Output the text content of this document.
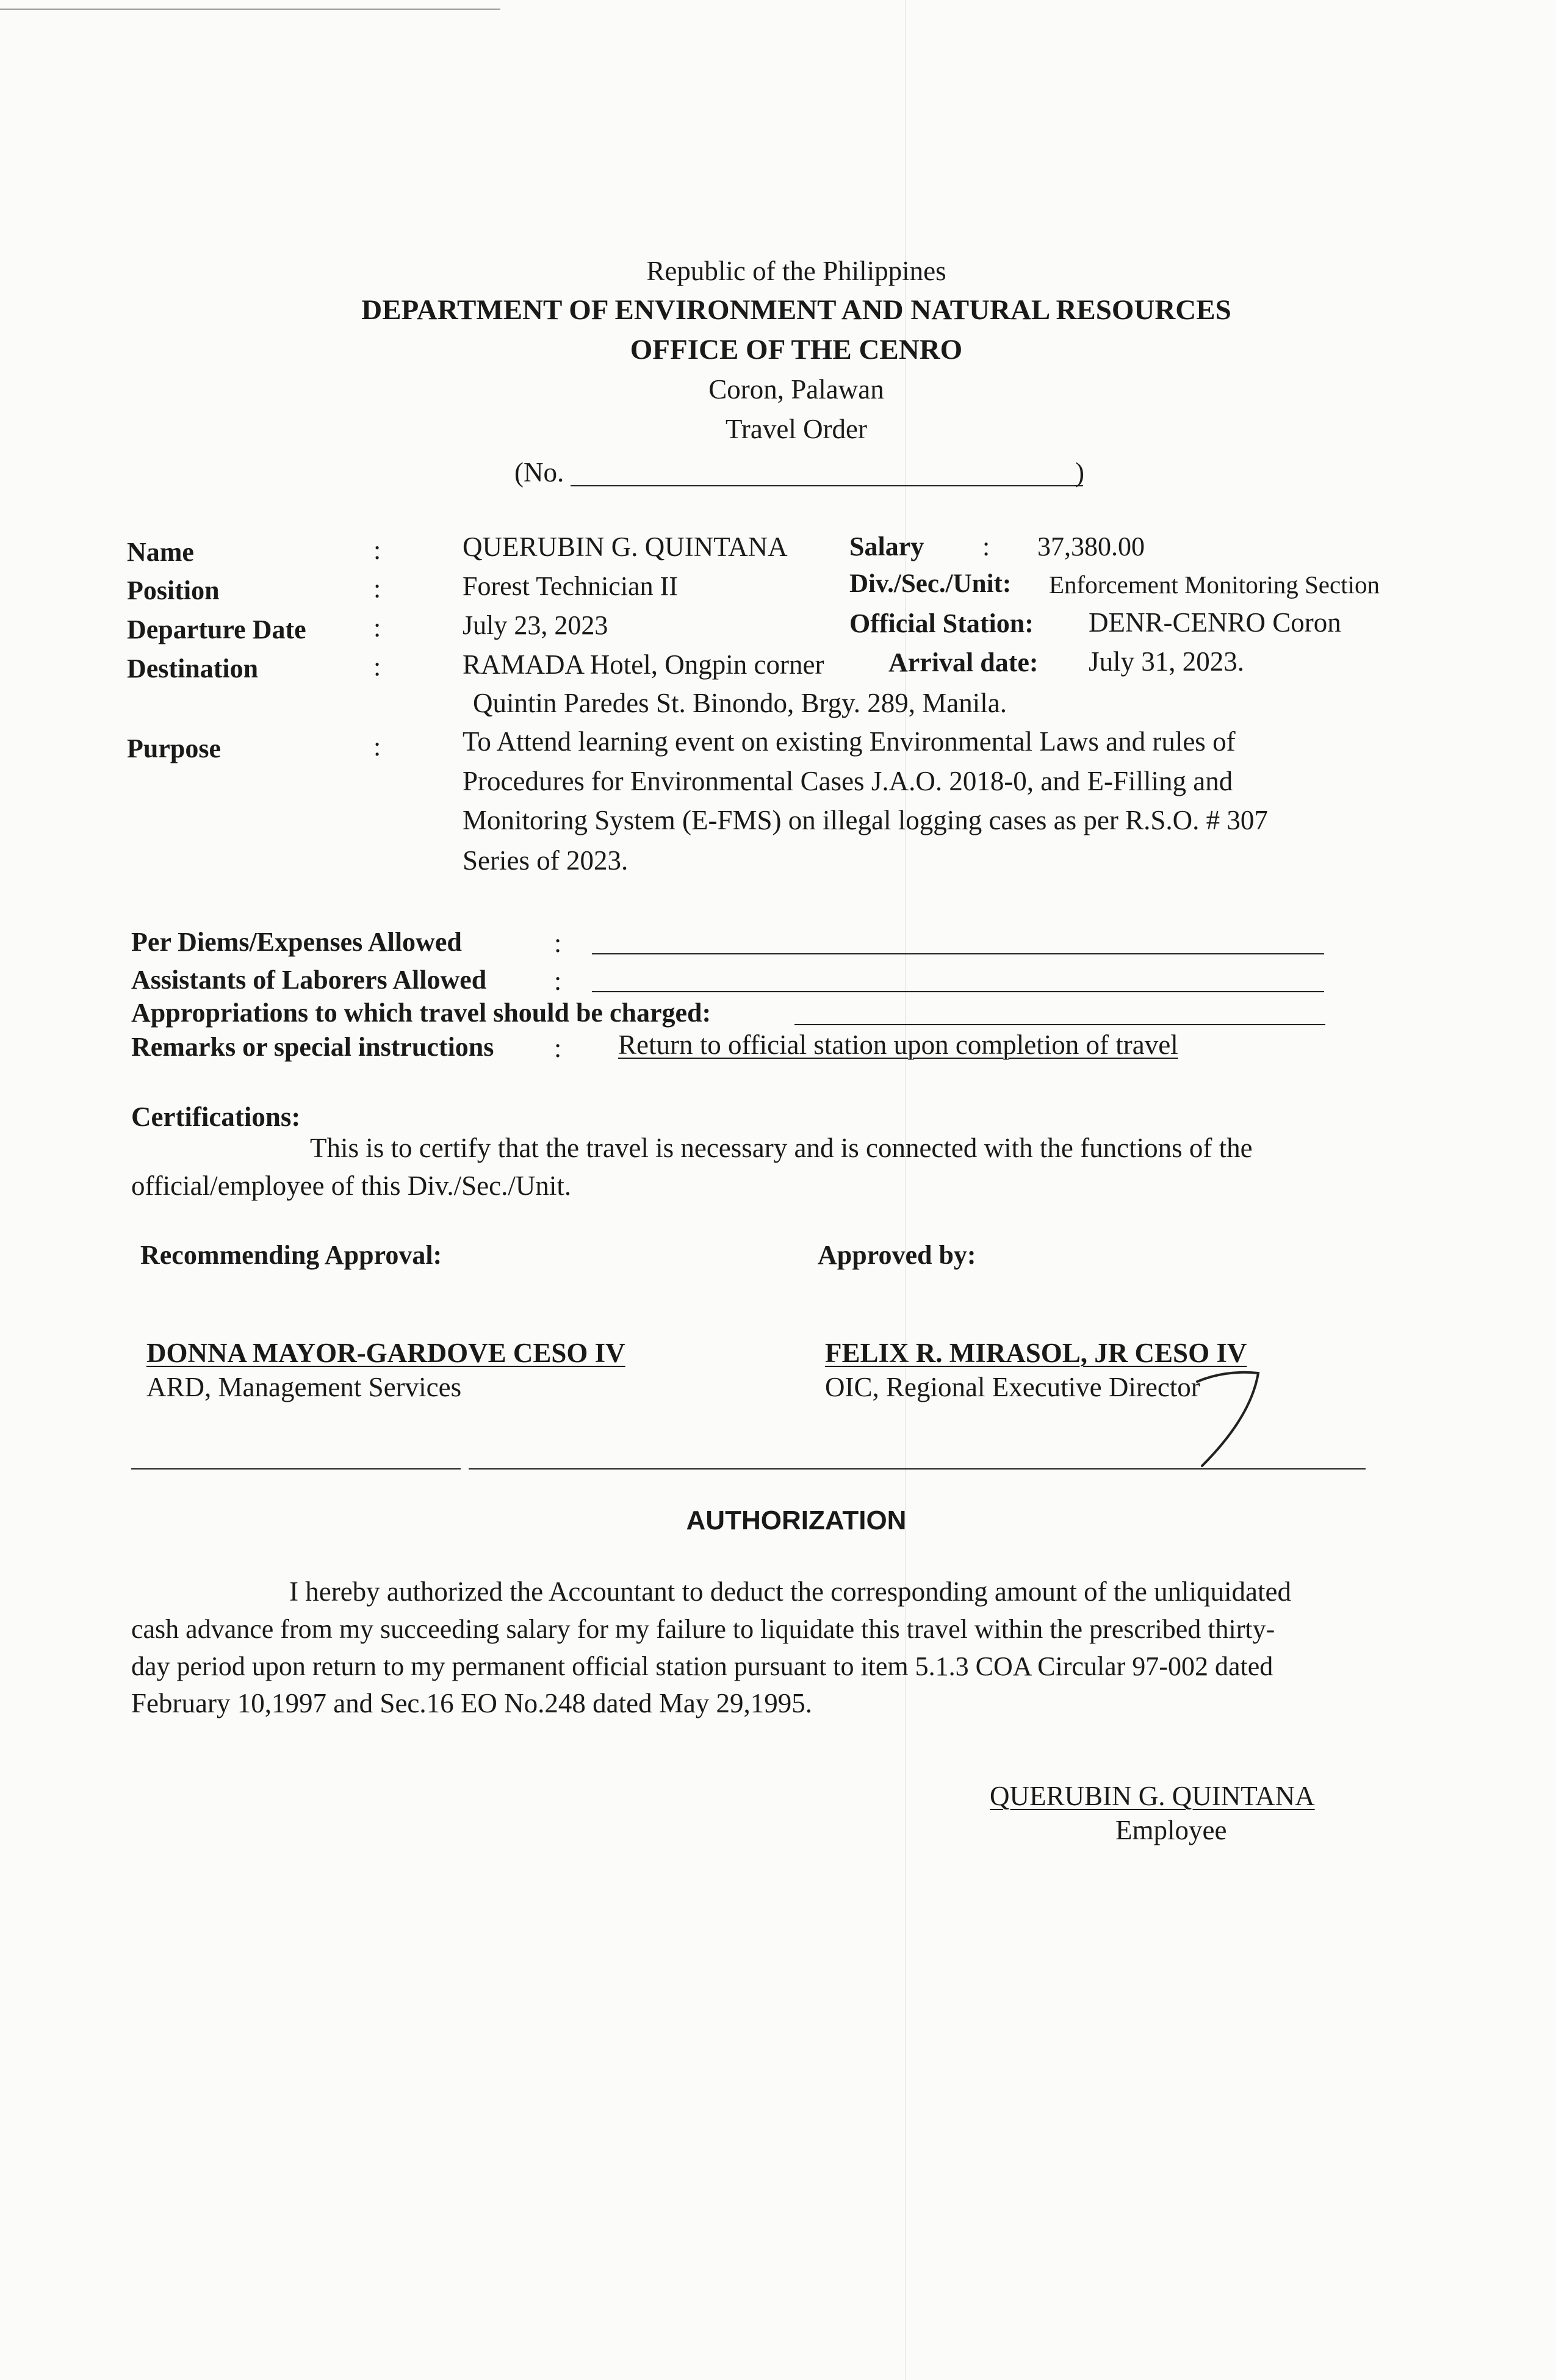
Republic of the Philippines
DEPARTMENT OF ENVIRONMENT AND NATURAL RESOURCES
OFFICE OF THE CENRO
Coron, Palawan
Travel Order
(No.	)
Name	:	QUERUBIN G. QUINTANA Salary : 37,380.00
Position	:	Forest Technician II	Div./Sec./Unit: Enforcement Monitoring Section
Departure Date	:	July 23, 2023	Official Station: DENR-CENRO Coron
Destination	:	RAMADA Hotel, Ongpin corner Arrival date: July 31, 2023.
Quintin Paredes St. Binondo, Brgy. 289, Manila.
Purpose	:	To Attend learning event on existing Environmental Laws and rules of
Procedures for Environmental Cases J.A.O. 2018-0, and E-Filling and
Monitoring System (E-FMS) on illegal logging cases as per R.S.O. # 307
Series of 2023.
Per Diems/Expenses Allowed	:
Assistants of Laborers Allowed	:
Appropriations to which travel should be charged:
Remarks or special instructions : Return to official station upon completion of travel
Certifications:
This is to certify that the travel is necessary and is connected with the functions of the
official/employee of this Div./Sec./Unit.
Recommending Approval:	Approved by:
DONNA MAYOR-GARDOVE CESO IV
ARD, Management Services
FELIX R. MIRASOL, JR CESO IV
OIC, Regional Executive Director
AUTHORIZATION
I hereby authorized the Accountant to deduct the corresponding amount of the unliquidated
cash advance from my succeeding salary for my failure to liquidate this travel within the prescribed thirty-
day period upon return to my permanent official station pursuant to item 5.1.3 COA Circular 97-002 dated
February 10,1997 and Sec.16 EO No.248 dated May 29,1995.
QUERUBIN G. QUINTANA
Employee
